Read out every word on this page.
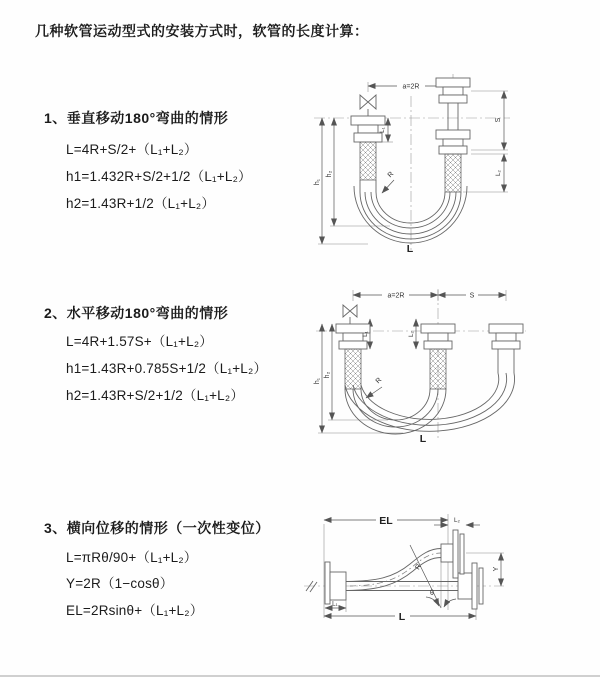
几种软管运动型式的安装方式时，软管的长度计算：
1、垂直移动180°弯曲的情形
L=4R+S/2+（L₁+L₂）
h1=1.432R+S/2+1/2（L₁+L₂）
h2=1.43R+1/2（L₁+L₂）
2、水平移动180°弯曲的情形
L=4R+1.57S+（L₁+L₂）
h1=1.43R+0.785S+1/2（L₁+L₂）
h2=1.43R+S/2+1/2（L₁+L₂）
3、横向位移的情形（一次性变位）
L=πRθ/90+（L₁+L₂）
Y=2R（1−cosθ）
EL=2Rsinθ+（L₁+L₂）
a=2R
L₁
S
L₂
h₁
h₂	R
L
a=2R	S
h₁
h₂
L₁	L₂
R
L
EL	L₂
Y
R
θ
L
L₁
